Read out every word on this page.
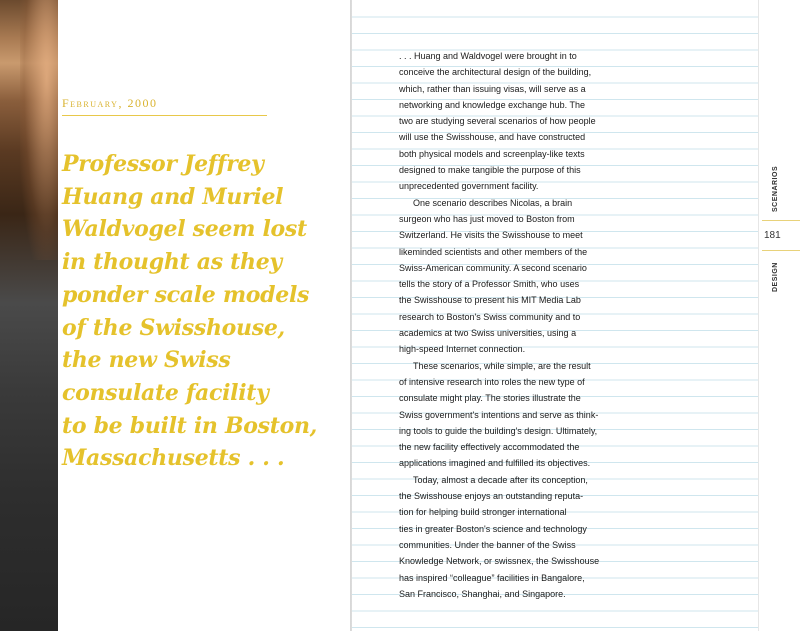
February, 2000
Professor Jeffrey
Huang and Muriel
Waldvogel seem lost
in thought as they
ponder scale models
of the Swisshouse,
the new Swiss
consulate facility
to be built in Boston,
Massachusetts . . .

. . . Huang and Waldvogel were brought in to

conceive the architectural design of the building,

which, rather than issuing visas, will serve as a

networking and knowledge exchange hub. The

two are studying several scenarios of how people

will use the Swisshouse, and have constructed

both physical models and screenplay-like texts

designed to make tangible the purpose of this

unprecedented government facility.

One scenario describes Nicolas, a brain

surgeon who has just moved to Boston from

Switzerland. He visits the Swisshouse to meet

likeminded scientists and other members of the

Swiss-American community. A second scenario

tells the story of a Professor Smith, who uses

the Swisshouse to present his MIT Media Lab

research to Boston's Swiss community and to

academics at two Swiss universities, using a

high-speed Internet connection.

These scenarios, while simple, are the result

of intensive research into roles the new type of

consulate might play. The stories illustrate the

Swiss government's intentions and serve as think-

ing tools to guide the building's design. Ultimately,

the new facility effectively accommodated the

applications imagined and fulfilled its objectives.

Today, almost a decade after its conception,

the Swisshouse enjoys an outstanding reputa-

tion for helping build stronger international

ties in greater Boston's science and technology

communities. Under the banner of the Swiss

Knowledge Network, or swissnex, the Swisshouse

has inspired “colleague” facilities in Bangalore,

San Francisco, Shanghai, and Singapore.

SCENARIOS
181
DESIGN
